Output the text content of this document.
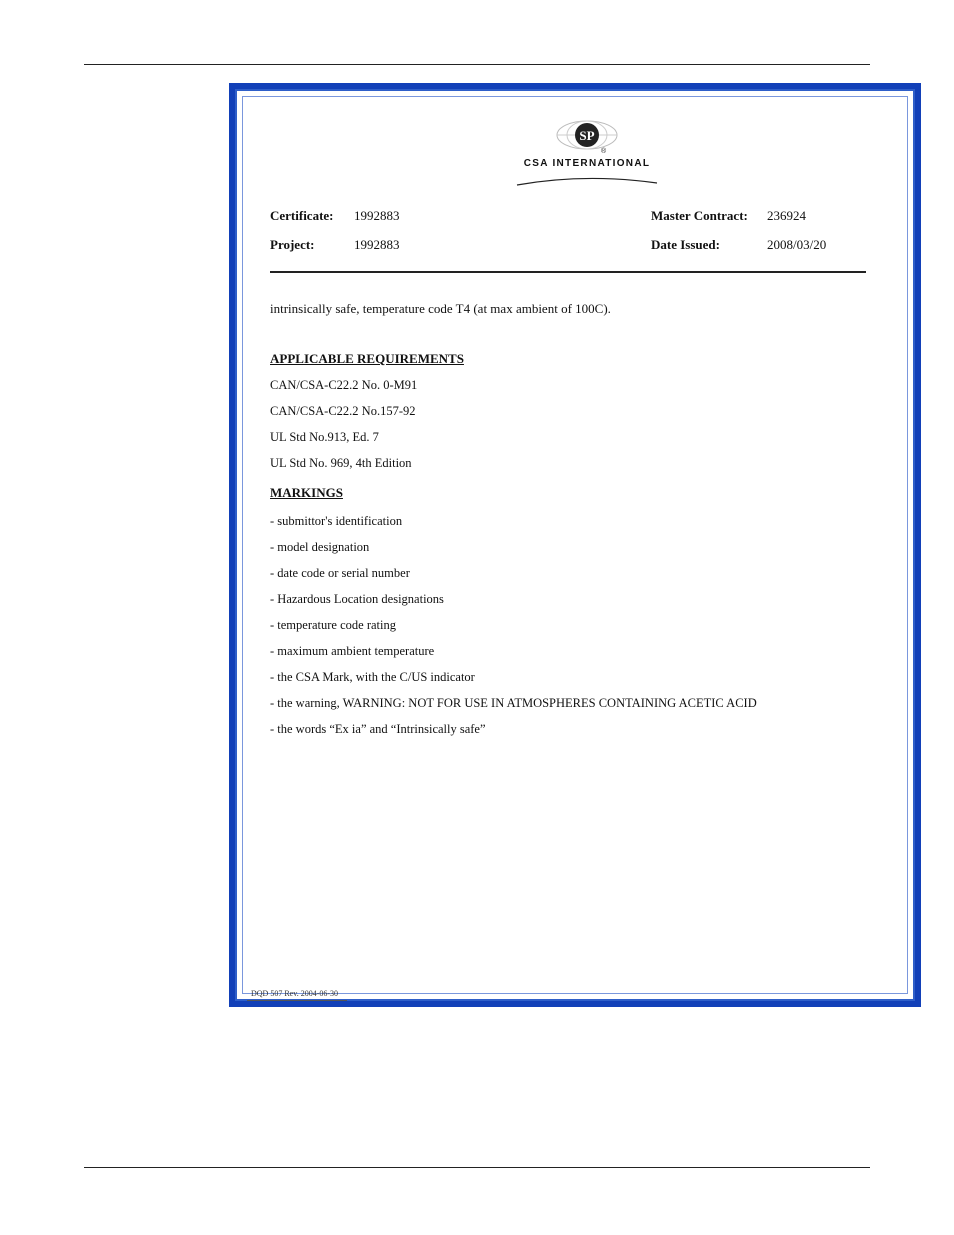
SP
®
CSA INTERNATIONAL
Certificate: 1992883
Project:	1992883
Master Contract: 236924
Date Issued:	2008/03/20
intrinsically safe, temperature code T4 (at max ambient of 100C).
APPLICABLE REQUIREMENTS
CAN/CSA-C22.2 No. 0-M91
CAN/CSA-C22.2 No.157-92
UL Std No.913, Ed. 7
UL Std No. 969, 4th Edition
MARKINGS
- submittor's identification
- model designation
- date code or serial number
- Hazardous Location designations
- temperature code rating
- maximum ambient temperature
- the CSA Mark, with the C/US indicator
- the warning, WARNING: NOT FOR USE IN ATMOSPHERES CONTAINING ACETIC ACID
- the words “Ex ia” and “Intrinsically safe”
DQD 507 Rev. 2004-06-30
